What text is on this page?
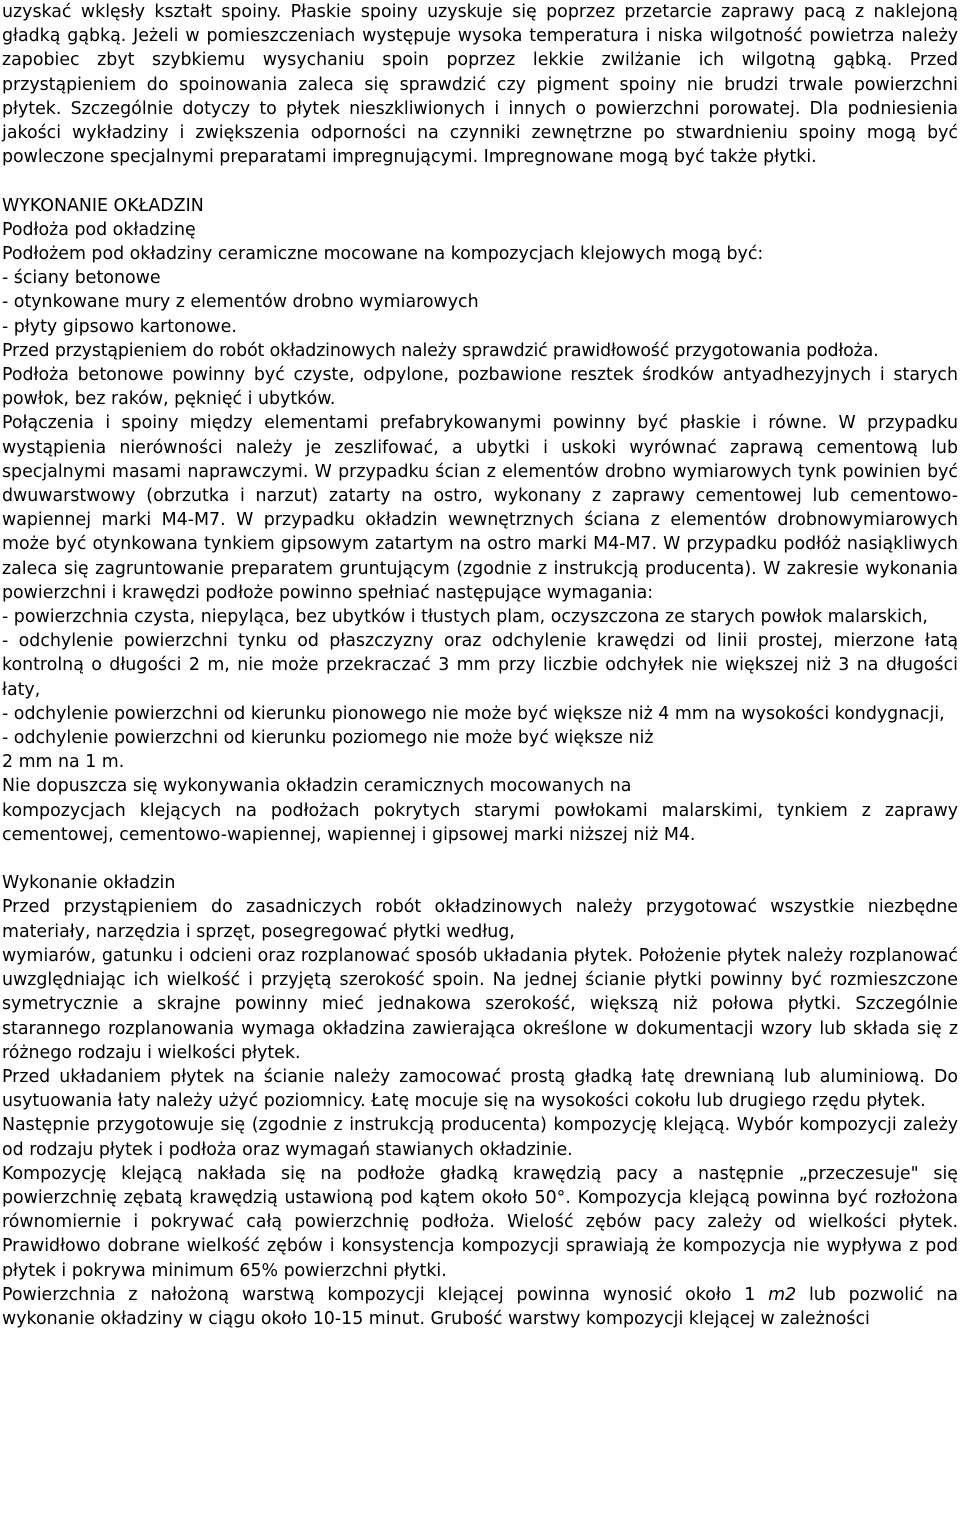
uzyskać wklęsły kształt spoiny. Płaskie spoiny uzyskuje się poprzez przetarcie zaprawy pacą z naklejoną gładką gąbką. Jeżeli w pomieszczeniach występuje wysoka temperatura i niska wilgotność powietrza należy zapobiec zbyt szybkiemu wysychaniu spoin poprzez lekkie zwilżanie ich wilgotną gąbką. Przed przystąpieniem do spoinowania zaleca się sprawdzić czy pigment spoiny nie brudzi trwale powierzchni płytek. Szczególnie dotyczy to płytek nieszkliwionych i innych o powierzchni porowatej. Dla podniesienia jakości wykładziny i zwiększenia odporności na czynniki zewnętrzne po stwardnieniu spoiny mogą być powleczone specjalnymi preparatami impregnującymi. Impregnowane mogą być także płytki.

WYKONANIE OKŁADZIN

Podłoża pod okładzinę

Podłożem pod okładziny ceramiczne mocowane na kompozycjach klejowych mogą być:

- ściany betonowe

- otynkowane mury z elementów drobno wymiarowych

- płyty gipsowo kartonowe.

Przed przystąpieniem do robót okładzinowych należy sprawdzić prawidłowość przygotowania podłoża.

Podłoża betonowe powinny być czyste, odpylone, pozbawione resztek środków antyadhezyjnych i starych powłok, bez raków, pęknięć i ubytków.

Połączenia i spoiny między elementami prefabrykowanymi powinny być płaskie i równe. W przypadku wystąpienia nierówności należy je zeszlifować, a ubytki i uskoki wyrównać zaprawą cementową lub specjalnymi masami naprawczymi. W przypadku ścian z elementów drobno wymiarowych tynk powinien być dwuwarstwowy (obrzutka i narzut) zatarty na ostro, wykonany z zaprawy cementowej lub cementowo-wapiennej marki M4-M7. W przypadku okładzin wewnętrznych ściana z elementów drobnowymiarowych może być otynkowana tynkiem gipsowym zatartym na ostro marki M4-M7. W przypadku podłóż nasiąkliwych zaleca się zagruntowanie preparatem gruntującym (zgodnie z instrukcją producenta). W zakresie wykonania powierzchni i krawędzi podłoże powinno spełniać następujące wymagania:

- powierzchnia czysta, niepyląca, bez ubytków i tłustych plam, oczyszczona ze starych powłok malarskich,

- odchylenie powierzchni tynku od płaszczyzny oraz odchylenie krawędzi od linii prostej, mierzone łatą kontrolną o długości 2 m, nie może przekraczać 3 mm przy liczbie odchyłek nie większej niż 3 na długości łaty,

- odchylenie powierzchni od kierunku pionowego nie może być większe niż 4 mm na wysokości kondygnacji,

- odchylenie powierzchni od kierunku poziomego nie może być większe niż

2 mm na 1 m.

Nie dopuszcza się wykonywania okładzin ceramicznych mocowanych na

kompozycjach klejących na podłożach pokrytych starymi powłokami malarskimi, tynkiem z zaprawy cementowej, cementowo-wapiennej, wapiennej i gipsowej marki niższej niż M4.

Wykonanie okładzin

Przed przystąpieniem do zasadniczych robót okładzinowych należy przygotować wszystkie niezbędne materiały, narzędzia i sprzęt, posegregować płytki według,

wymiarów, gatunku i odcieni oraz rozplanować sposób układania płytek. Położenie płytek należy rozplanować uwzględniając ich wielkość i przyjętą szerokość spoin. Na jednej ścianie płytki powinny być rozmieszczone symetrycznie a skrajne powinny mieć jednakowa szerokość, większą niż połowa płytki. Szczególnie starannego rozplanowania wymaga okładzina zawierająca określone w dokumentacji wzory lub składa się z różnego rodzaju i wielkości płytek.

Przed układaniem płytek na ścianie należy zamocować prostą gładką łatę drewnianą lub aluminiową. Do usytuowania łaty należy użyć poziomnicy. Łatę mocuje się na wysokości cokołu lub drugiego rzędu płytek.

Następnie przygotowuje się (zgodnie z instrukcją producenta) kompozycję klejącą. Wybór kompozycji zależy od rodzaju płytek i podłoża oraz wymagań stawianych okładzinie.

Kompozycję klejącą nakłada się na podłoże gładką krawędzią pacy a następnie „przeczesuje" się powierzchnię zębatą krawędzią ustawioną pod kątem około 50°. Kompozycja klejącą powinna być rozłożona równomiernie i pokrywać całą powierzchnię podłoża. Wielość zębów pacy zależy od wielkości płytek. Prawidłowo dobrane wielkość zębów i konsystencja kompozycji sprawiają że kompozycja nie wypływa z pod płytek i pokrywa minimum 65% powierzchni płytki.

Powierzchnia z nałożoną warstwą kompozycji klejącej powinna wynosić około 1 m2 lub pozwolić na wykonanie okładziny w ciągu około 10-15 minut. Grubość warstwy kompozycji klejącej w zależności
